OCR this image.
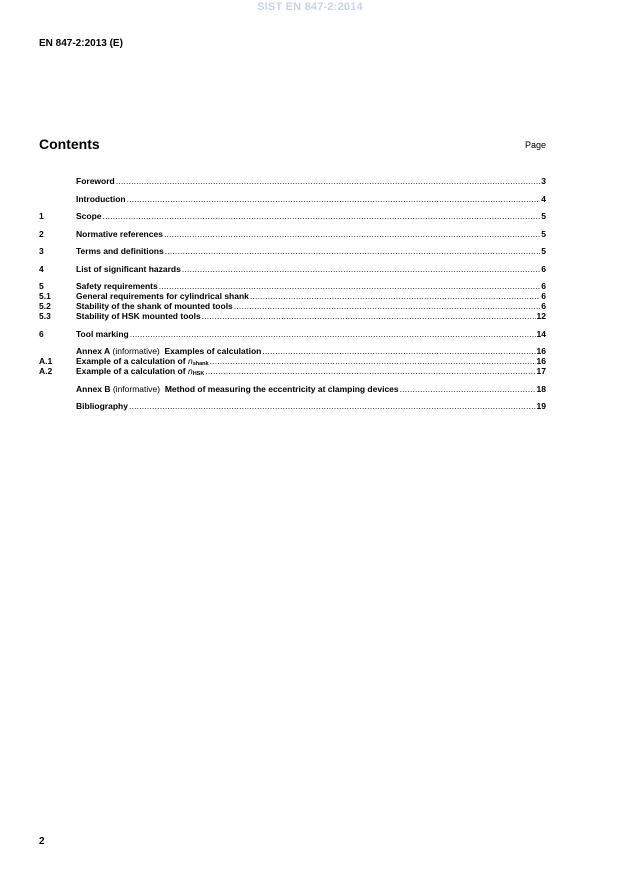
SIST EN 847-2:2014
EN 847-2:2013 (E)
Contents	Page
Foreword .....	3
Introduction .....	4
1	Scope .....	5
2	Normative references .....	5
3	Terms and definitions .....	5
4	List of significant hazards .....	6
5	Safety requirements .....	6
5.1	General requirements for cylindrical shank .....	6
5.2	Stability of the shank of mounted tools .....	6
5.3	Stability of HSK mounted tools .....	12
6	Tool marking .....	14
Annex A (informative)  Examples of calculation .....	16
A.1	Example of a calculation of $n_{shank}$ .....	16
A.2	Example of a calculation of $n_{HSK}$ .....	17
Annex B (informative)  Method of measuring the eccentricity at clamping devices .....	18
Bibliography .....	19
2
